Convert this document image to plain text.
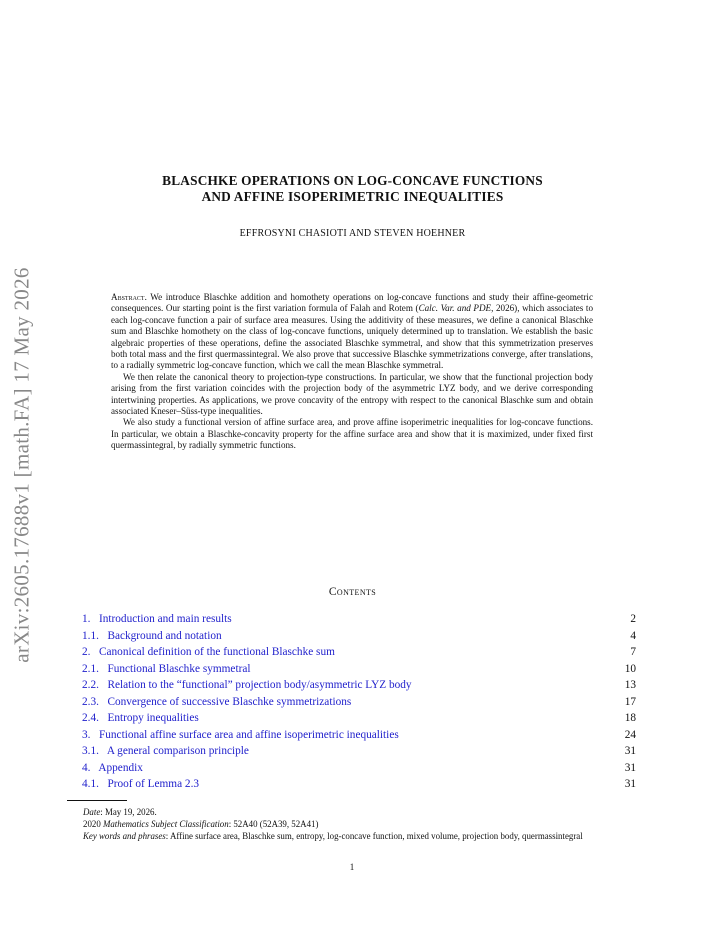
arXiv:2605.17688v1 [math.FA] 17 May 2026
BLASCHKE OPERATIONS ON LOG-CONCAVE FUNCTIONS
AND AFFINE ISOPERIMETRIC INEQUALITIES
EFFROSYNI CHASIOTI AND STEVEN HOEHNER

Abstract. We introduce Blaschke addition and homothety operations on log-concave functions and study their affine-geometric consequences. Our starting point is the first variation formula of Falah and Rotem (Calc. Var. and PDE, 2026), which associates to each log-concave function a pair of surface area measures. Using the additivity of these measures, we define a canonical Blaschke sum and Blaschke homothety on the class of log-concave functions, uniquely determined up to translation. We establish the basic algebraic properties of these operations, define the associated Blaschke symmetral, and show that this symmetrization preserves both total mass and the first quermassintegral. We also prove that successive Blaschke symmetrizations converge, after translations, to a radially symmetric log-concave function, which we call the mean Blaschke symmetral.

We then relate the canonical theory to projection-type constructions. In particular, we show that the functional projection body arising from the first variation coincides with the projection body of the asymmetric LYZ body, and we derive corresponding intertwining properties. As applications, we prove concavity of the entropy with respect to the canonical Blaschke sum and obtain associated Kneser–Süss-type inequalities.

We also study a functional version of affine surface area, and prove affine isoperimetric inequalities for log-concave functions. In particular, we obtain a Blaschke-concavity property for the affine surface area and show that it is maximized, under fixed first quermassintegral, by radially symmetric functions.

Contents
1. Introduction and main results	2
1.1. Background and notation	4
2. Canonical definition of the functional Blaschke sum	7
2.1. Functional Blaschke symmetral	10
2.2. Relation to the “functional” projection body/asymmetric LYZ body	13
2.3. Convergence of successive Blaschke symmetrizations	17
2.4. Entropy inequalities	18
3. Functional affine surface area and affine isoperimetric inequalities	24
3.1. A general comparison principle	31
4. Appendix	31
4.1. Proof of Lemma 2.3	31

Date: May 19, 2026.

2020 Mathematics Subject Classification: 52A40 (52A39, 52A41)

Key words and phrases: Affine surface area, Blaschke sum, entropy, log-concave function, mixed volume, projection body, quermassintegral

1
